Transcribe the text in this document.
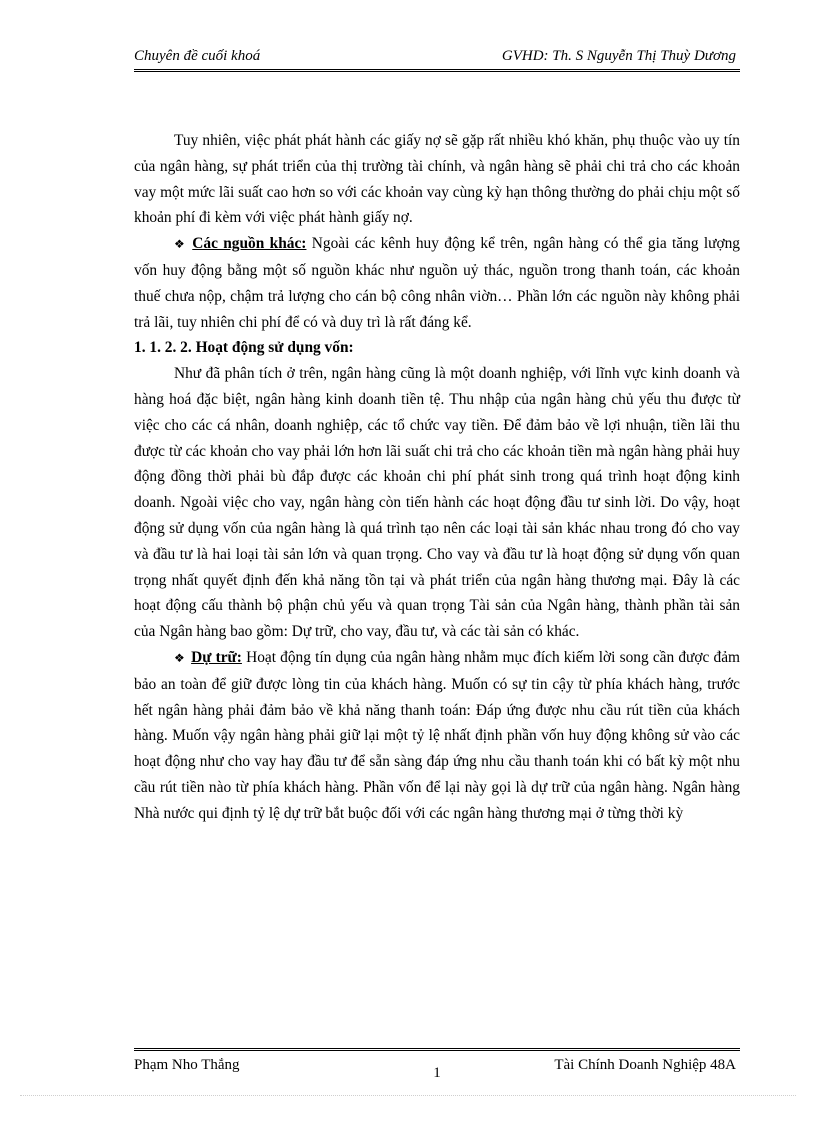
Chuyên đề cuối khoá	GVHD: Th. S Nguyễn Thị Thuỳ Dương

Tuy nhiên, việc phát phát hành các giấy nợ sẽ gặp rất nhiều khó khăn, phụ thuộc vào uy tín của ngân hàng, sự phát triển của thị trường tài chính, và ngân hàng sẽ phải chi trả cho các khoản vay một mức lãi suất cao hơn so với các khoản vay cùng kỳ hạn thông thường do phải chịu một số khoản phí đi kèm với việc phát hành giấy nợ.

❖ Các nguồn khác: Ngoài các kênh huy động kể trên, ngân hàng có thể gia tăng lượng vốn huy động bằng một số nguồn khác như nguồn uỷ thác, nguồn trong thanh toán, các khoản thuế chưa nộp, chậm trả lượng cho cán bộ công nhân viờn… Phần lớn các nguồn này không phải trả lãi, tuy nhiên chi phí để có và duy trì là rất đáng kể.

1. 1. 2. 2. Hoạt động sử dụng vốn:

Như đã phân tích ở trên, ngân hàng cũng là một doanh nghiệp, với lĩnh vực kinh doanh và hàng hoá đặc biệt, ngân hàng kinh doanh tiền tệ. Thu nhập của ngân hàng chủ yếu thu được từ việc cho các cá nhân, doanh nghiệp, các tổ chức vay tiền. Để đảm bảo về lợi nhuận, tiền lãi thu được từ các khoản cho vay phải lớn hơn lãi suất chi trả cho các khoản tiền mà ngân hàng phải huy động đồng thời phải bù đắp được các khoản chi phí phát sinh trong quá trình hoạt động kinh doanh. Ngoài việc cho vay, ngân hàng còn tiến hành các hoạt động đầu tư sinh lời. Do vậy, hoạt động sử dụng vốn của ngân hàng là quá trình tạo nên các loại tài sản khác nhau trong đó cho vay và đầu tư là hai loại tài sản lớn và quan trọng. Cho vay và đầu tư là hoạt động sử dụng vốn quan trọng nhất quyết định đến khả năng tồn tại và phát triển của ngân hàng thương mại. Đây là các hoạt động cấu thành bộ phận chủ yếu và quan trọng Tài sản của Ngân hàng, thành phần tài sản của Ngân hàng bao gồm: Dự trữ, cho vay, đầu tư, và các tài sản có khác.

❖ Dự trữ: Hoạt động tín dụng của ngân hàng nhằm mục đích kiếm lời song cần được đảm bảo an toàn để giữ được lòng tin của khách hàng. Muốn có sự tin cậy từ phía khách hàng, trước hết ngân hàng phải đảm bảo về khả năng thanh toán: Đáp ứng được nhu cầu rút tiền của khách hàng. Muốn vậy ngân hàng phải giữ lại một tỷ lệ nhất định phần vốn huy động không sử vào các hoạt động như cho vay hay đầu tư để sẵn sàng đáp ứng nhu cầu thanh toán khi có bất kỳ một nhu cầu rút tiền nào từ phía khách hàng. Phần vốn để lại này gọi là dự trữ của ngân hàng. Ngân hàng Nhà nước qui định tỷ lệ dự trữ bắt buộc đối với các ngân hàng thương mại ở từng thời kỳ

Phạm Nho Thắng	1	Tài Chính Doanh Nghiệp 48A
